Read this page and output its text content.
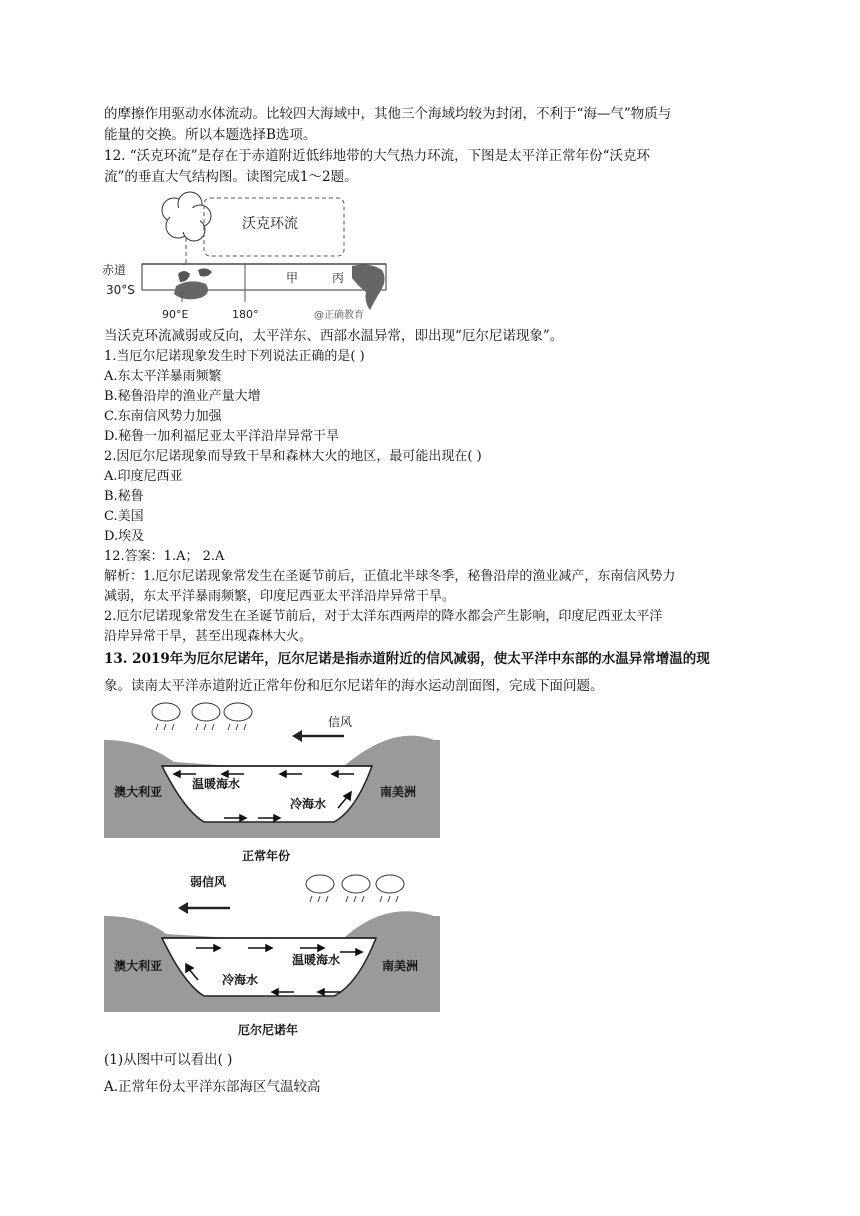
的摩擦作用驱动水体流动。比较四大海域中，其他三个海域均较为封闭，不利于“海—气”物质与
能量的交换。所以本题选择B选项。
12. “沃克环流”是存在于赤道附近低纬地带的大气热力环流，下图是太平洋正常年份“沃克环
流”的垂直大气结构图。读图完成1～2题。
沃克环流
赤道
30°S
甲	丙
90°E	180°	@正确教育
当沃克环流减弱或反向，太平洋东、西部水温异常，即出现“厄尔尼诺现象”。
1.当厄尔尼诺现象发生时下列说法正确的是( )
A.东太平洋暴雨频繁
B.秘鲁沿岸的渔业产量大增
C.东南信风势力加强
D.秘鲁一加利福尼亚太平洋沿岸异常干旱
2.因厄尔尼诺现象而导致干旱和森林大火的地区，最可能出现在( )
A.印度尼西亚
B.秘鲁
C.美国
D.埃及
12.答案：1.A； 2.A
解析：1.厄尔尼诺现象常发生在圣诞节前后，正值北半球冬季，秘鲁沿岸的渔业减产，东南信风势力
减弱，东太平洋暴雨频繁，印度尼西亚太平洋沿岸异常干旱。
2.厄尔尼诺现象常发生在圣诞节前后，对于太洋东西两岸的降水都会产生影响，印度尼西亚太平洋
沿岸异常干旱，甚至出现森林大火。
13. 2019年为厄尔尼诺年，厄尔尼诺是指赤道附近的信风减弱，使太平洋中东部的水温异常增温的现
象。读南太平洋赤道附近正常年份和厄尔尼诺年的海水运动剖面图，完成下面问题。
信风
澳大利亚	南美洲
温暖海水
冷海水
正常年份
弱信风
澳大利亚	南美洲
温暖海水
冷海水
厄尔尼诺年
(1)从图中可以看出( )
A.正常年份太平洋东部海区气温较高
